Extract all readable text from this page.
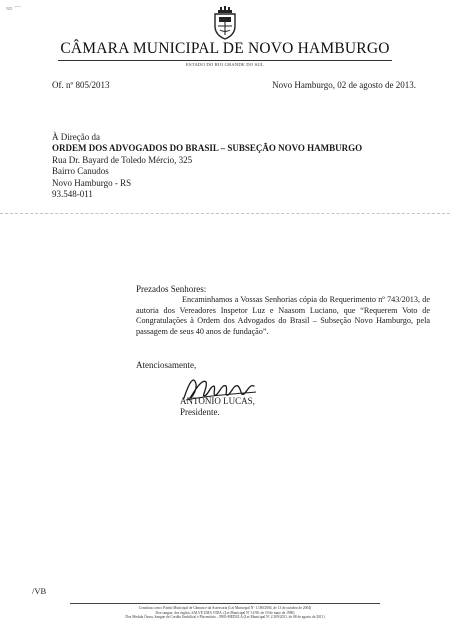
ᴺᴰ ⌒
CÂMARA MUNICIPAL DE NOVO HAMBURGO
ESTADO DO RIO GRANDE DO SUL
Of. nº 805/2013	Novo Hamburgo, 02 de agosto de 2013.
À Direção da
ORDEM DOS ADVOGADOS DO BRASIL – SUBSEÇÃO NOVO HAMBURGO
Rua Dr. Bayard de Toledo Mércio, 325
Bairro Canudos
Novo Hamburgo - RS
93.548-011
Prezados Senhores:
Encaminhamos a Vossas Senhorias cópia do Requerimento nº 743/2013, de autoria dos Vereadores Inspetor Luz e Naasom Luciano, que “Requerem Voto de Congratulações à Ordem dos Advogados do Brasil – Subseção Novo Hamburgo, pela passagem de seus 40 anos de fundação”.
Atenciosamente,
ANTONIO LUCAS,
Presidente.
/VB
Constitua com o Patrão Municipal de Câmara e da Assessoria (Lei Municipal Nº 1.180/2004, de 13 de outubro de 2004)
Doe sangue, doe órgãos, SALVE UMA VIDA. (Lei Municipal Nº 31/90, de 19 de maio de 1990)
Doe Medula Óssea, Sangue de Cordão Umbilical e Placentário – PRÓ-MEDULA (Lei Municipal Nº 2.309/2011, de 08 de agosto de 2011)
